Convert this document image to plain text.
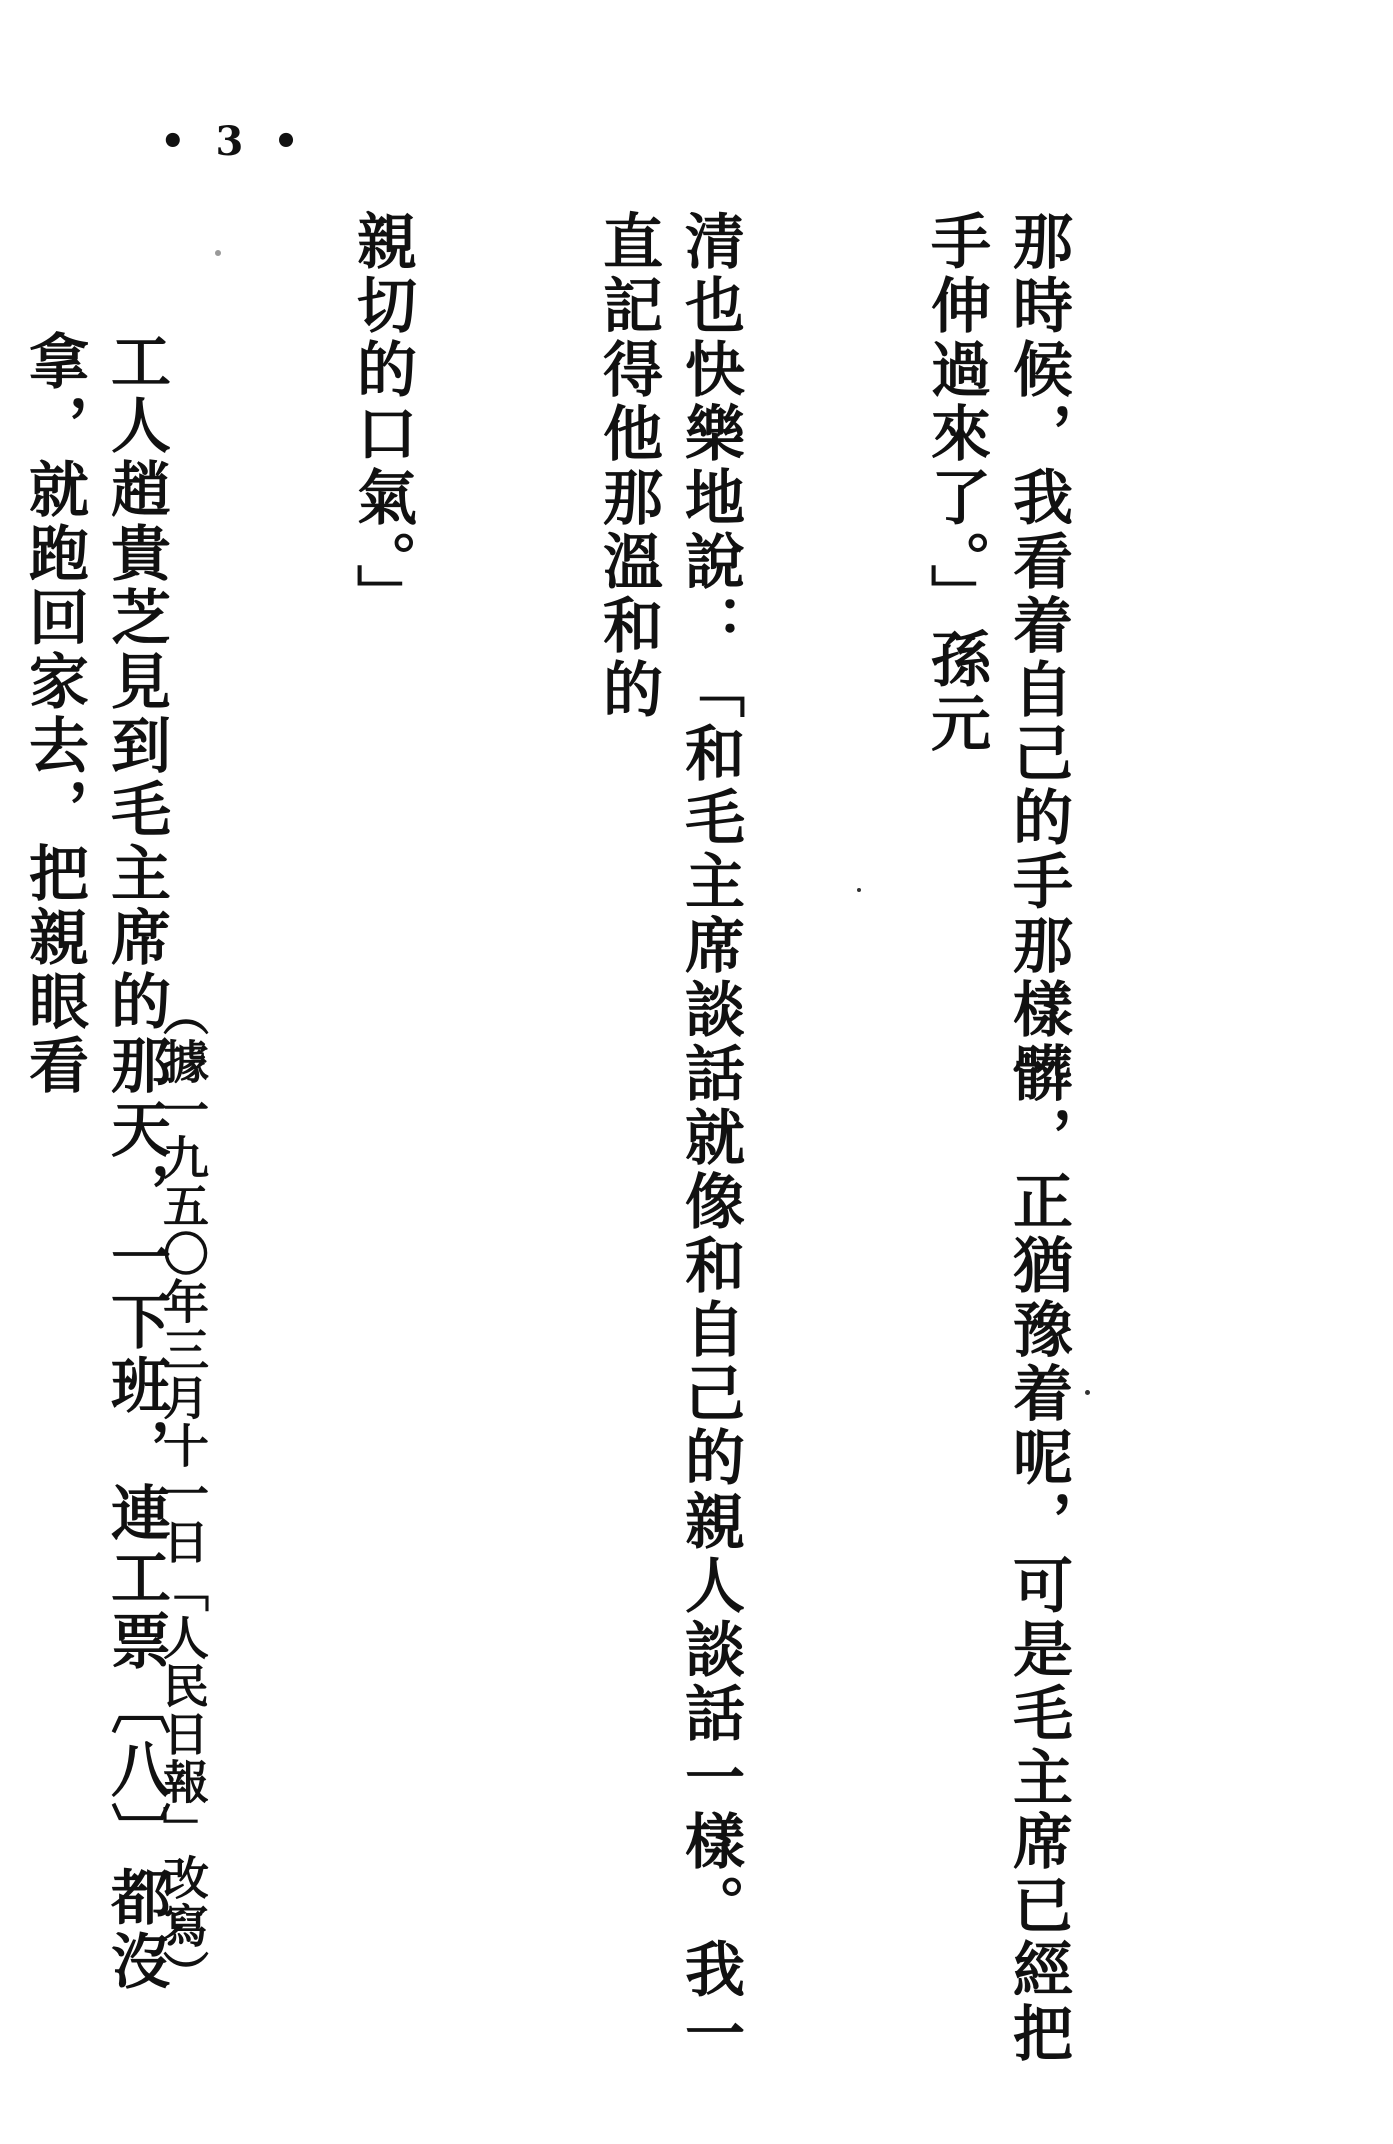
• 3 •

那時候，我看着自己的手那樣髒，正猶豫着呢，可是毛主席已經把手伸過來了。」孫元

清也快樂地說：「和毛主席談話就像和自己的親人談話一樣。我一直記得他那溫和的

親切的口氣。」

工人趙貴芝見到毛主席的那天，一下班，連工票〔八〕都沒拿，就跑回家去，把親眼看

（據一九五〇年三月十一日「人民日報」改寫）
